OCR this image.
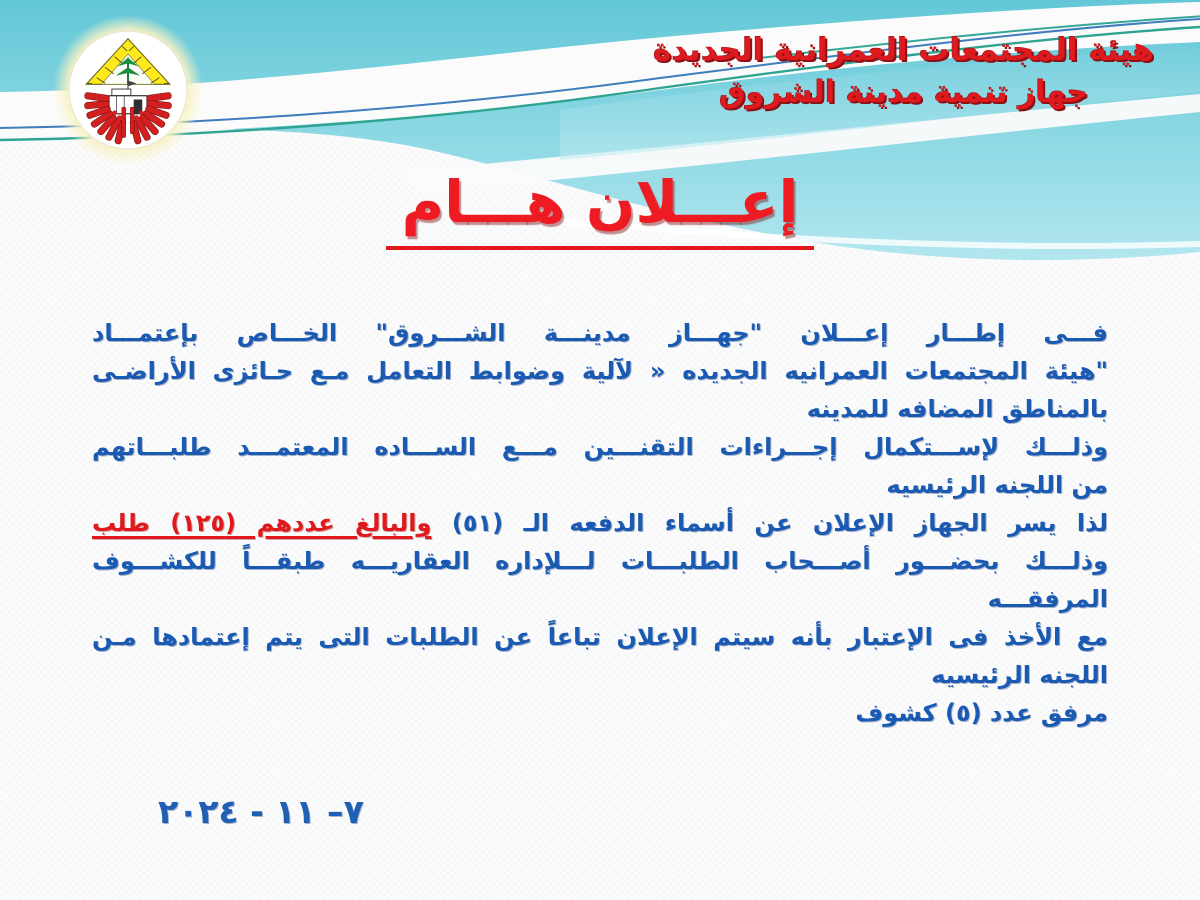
هيئة المجتمعات العمرانية الجديدة
جهاز تنمية مدينة الشروق
إعـــلان هـــام
فـــى إطـــار إعـــلان "جهـــاز مدينـــة الشـــروق" الخـــاص بإعتمـــاد
"هيئة المجتمعات العمرانيه الجديده « لآلية وضوابط التعامل مـع حـائزى الأراضـى
بالمناطق المضافه للمدينه
وذلـــك لإســـتكمال إجـــراءات التقنـــين مـــع الســـاده المعتمـــد طلبـــاتهم
من اللجنه الرئيسيه
لذا يسر الجهاز الإعلان عن أسماء الدفعه الـ (٥١) والبالغ عددهم (١٢٥) طلب
وذلـــك بحضـــور أصـــحاب الطلبـــات لـــلإداره العقاريـــه طبقـــاً للكشـــوف المرفقـــه
مع الأخذ فى الإعتبار بأنه سيتم الإعلان تباعاً عن الطلبات التى يتم إعتمادها مـن
اللجنه الرئيسيه
مرفق عدد (٥) كشوف
٧– ١١ - ٢٠٢٤
